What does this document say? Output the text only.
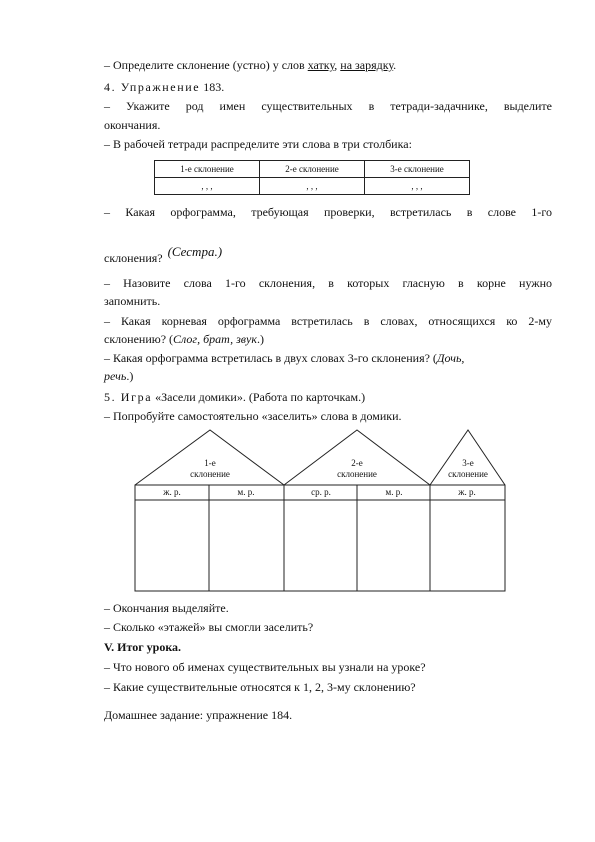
– Определите склонение (устно) у слов хатку, на зарядку.
4. Упражнение 183.
– Укажите род имен существительных в тетради-задачнике, выделите
окончания.
– В рабочей тетради распределите эти слова в три столбика:
1-е склонение	2-е склонение	3-е склонение
, , ,	, , ,	, , ,
– Какая орфограмма, требующая проверки, встретилась в слове 1-го
склонения? (Сестра.)
– Назовите слова 1-го склонения, в которых гласную в корне нужно
запомнить.
– Какая корневая орфограмма встретилась в словах, относящихся ко 2-му
склонению? (Слог, брат, звук.)
– Какая орфограмма встретилась в двух словах 3-го склонения? (Дочь,
речь.)
5. Игра «Засели домики». (Работа по карточкам.)
– Попробуйте самостоятельно «заселить» слова в домики.
1-е
склонение
2-е
склонение
3-е
склонение
ж. р.	м. р.	ср. р.	м. р.	ж. р.
– Окончания выделяйте.
– Сколько «этажей» вы смогли заселить?
V. Итог урока.
– Что нового об именах существительных вы узнали на уроке?
– Какие существительные относятся к 1, 2, 3-му склонению?
Домашнее задание: упражнение 184.
